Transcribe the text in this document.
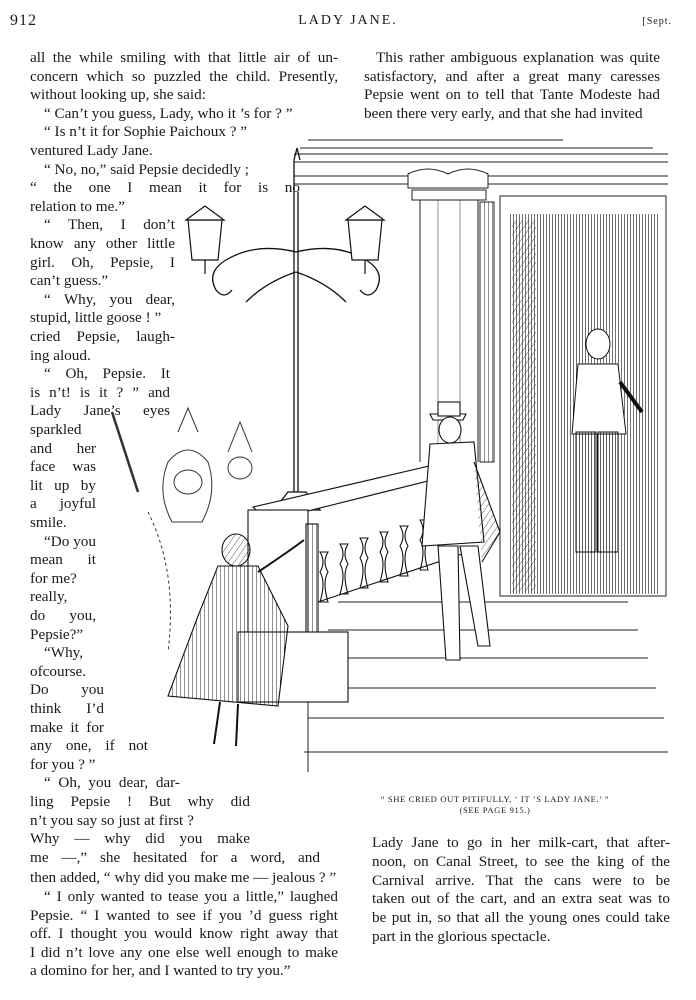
912	LADY JANE.	[Sept.
all the while smiling with that little air of un-
concern which so puzzled the child. Presently,
without looking up, she said:
“ Can’t you guess, Lady, who it ’s for ? ”
“ Is n’t it for Sophie Paichoux ? ”
ventured Lady Jane.
“ No, no,” said Pepsie decidedly ;
“ the one I mean it for is no
relation to me.”
“ Then, I don’t
know any other little
girl. Oh, Pepsie, I
can’t guess.”
“ Why, you dear,
stupid, little goose ! ”
cried Pepsie, laugh-
ing aloud.
“ Oh, Pepsie. It
is n’t! is it ? ” and
Lady Jane’s eyes
sparkled
and her
face was
lit up by
a joyful
smile.
“Do you
mean it
for me?
really,
do you,
Pepsie?”
“Why,
ofcourse.
Do you
think I’d
make it for
any one, if not
for you ? ”
“ Oh, you dear, dar-
ling Pepsie ! But why did
n’t you say so just at first ?
Why — why did you make
me —,” she hesitated for a word, and
then added, “ why did you make me — jealous ? ”
“ I only wanted to tease you a little,” laughed
Pepsie. “ I wanted to see if you ’d guess right
off. I thought you would know right away that
I did n’t love any one else well enough to make
a domino for her, and I wanted to try you.”
This rather ambiguous explanation was quite
satisfactory, and after a great many caresses
Pepsie went on to tell that Tante Modeste had
been there very early, and that she had invited
Lady Jane to go in her milk-cart, that after-
noon, on Canal Street, to see the king of the
Carnival arrive. That the cans were to be
taken out of the cart, and an extra seat was to
be put in, so that all the young ones could take
part in the glorious spectacle.
“ SHE CRIED OUT PITIFULLY, ‘ IT ’S LADY JANE.’ ”
(SEE PAGE 915.)
